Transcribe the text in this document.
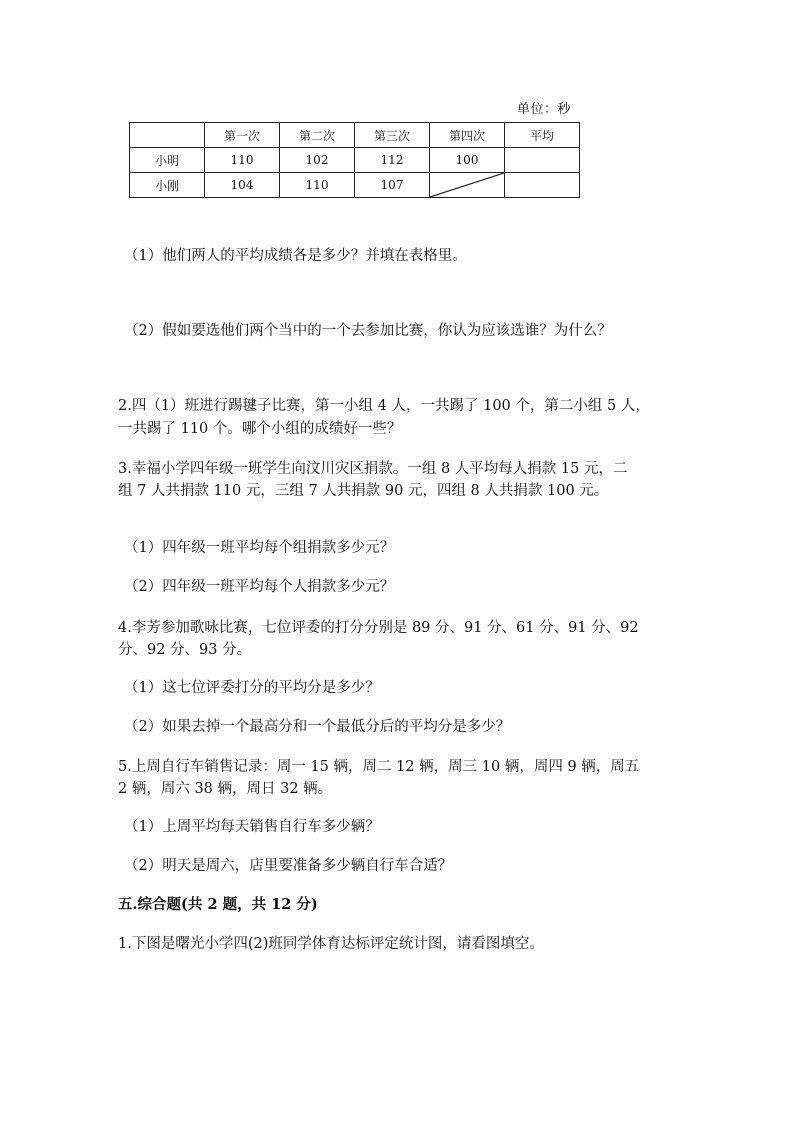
单位：秒
	第一次	第二次	第三次	第四次	平均
小明	110	102	112	100	
小刚	104	110	107	

（1）他们两人的平均成绩各是多少？并填在表格里。
（2）假如要选他们两个当中的一个去参加比赛，你认为应该选谁？为什么？
2.四（1）班进行踢毽子比赛，第一小组 4 人，一共踢了 100 个，第二小组 5 人，
一共踢了 110 个。哪个小组的成绩好一些？
3.幸福小学四年级一班学生向汶川灾区捐款。一组 8 人平均每人捐款 15 元，二
组 7 人共捐款 110 元，三组 7 人共捐款 90 元，四组 8 人共捐款 100 元。
（1）四年级一班平均每个组捐款多少元？
（2）四年级一班平均每个人捐款多少元？
4.李芳参加歌咏比赛，七位评委的打分分别是 89 分、91 分、61 分、91 分、92
分、92 分、93 分。
（1）这七位评委打分的平均分是多少？
（2）如果去掉一个最高分和一个最低分后的平均分是多少？
5.上周自行车销售记录：周一 15 辆，周二 12 辆，周三 10 辆，周四 9 辆，周五
2 辆，周六 38 辆，周日 32 辆。
（1）上周平均每天销售自行车多少辆？
（2）明天是周六，店里要准备多少辆自行车合适？
五.综合题(共 2 题，共 12 分)
1.下图是曙光小学四(2)班同学体育达标评定统计图，请看图填空。
